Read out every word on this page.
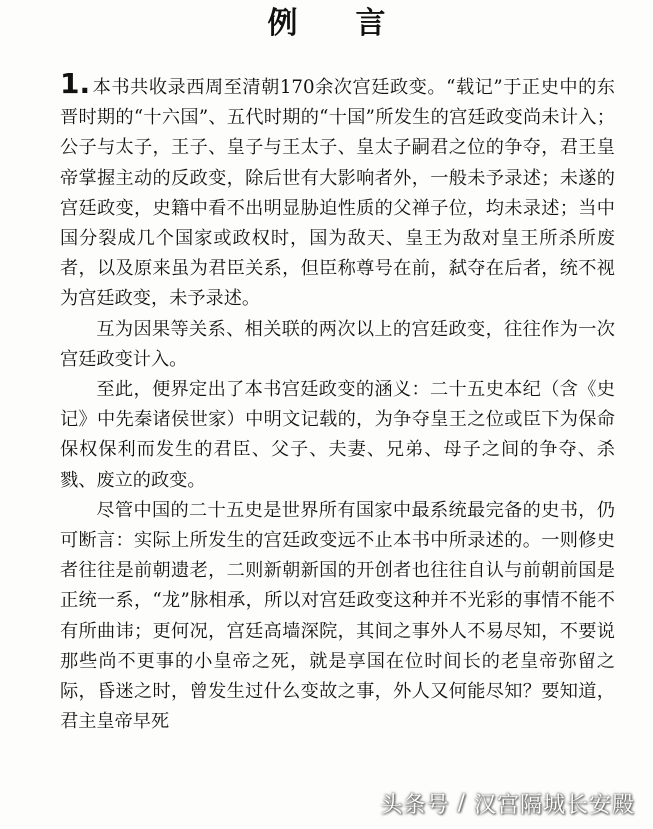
例言

1. 本书共收录西周至清朝170余次宫廷政变。“载记”于正史中的东晋时期的“十六国”、五代时期的“十国”所发生的宫廷政变尚未计入；公子与太子，王子、皇子与王太子、皇太子嗣君之位的争夺，君王皇帝掌握主动的反政变，除后世有大影响者外，一般未予录述；未遂的宫廷政变，史籍中看不出明显胁迫性质的父禅子位，均未录述；当中国分裂成几个国家或政权时，国为敌天、皇王为敌对皇王所杀所废者，以及原来虽为君臣关系，但臣称尊号在前，弑夺在后者，统不视为宫廷政变，未予录述。

互为因果等关系、相关联的两次以上的宫廷政变，往往作为一次宫廷政变计入。

至此，便界定出了本书宫廷政变的涵义：二十五史本纪（含《史记》中先秦诸侯世家）中明文记载的，为争夺皇王之位或臣下为保命保权保利而发生的君臣、父子、夫妻、兄弟、母子之间的争夺、杀戮、废立的政变。

尽管中国的二十五史是世界所有国家中最系统最完备的史书，仍可断言：实际上所发生的宫廷政变远不止本书中所录述的。一则修史者往往是前朝遗老，二则新朝新国的开创者也往往自认与前朝前国是正统一系，“龙”脉相承，所以对宫廷政变这种并不光彩的事情不能不有所曲讳；更何况，宫廷高墙深院，其间之事外人不易尽知，不要说那些尚不更事的小皇帝之死，就是享国在位时间长的老皇帝弥留之际，昏迷之时，曾发生过什么变故之事，外人又何能尽知？要知道，君主皇帝早死

头条号 / 汉宫隔城长安殿
